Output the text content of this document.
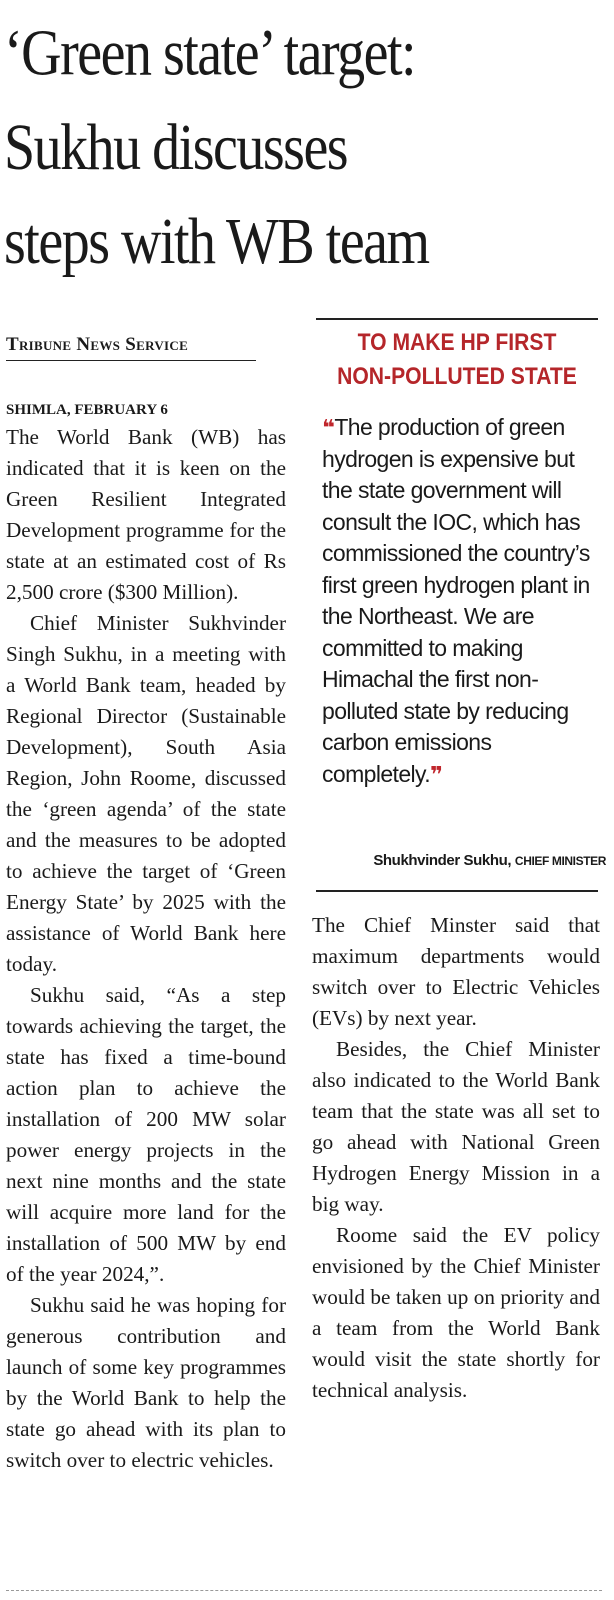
‘Green state’ target:
Sukhu discusses
steps with WB team

Tribune News Service

SHIMLA, FEBRUARY 6

The World Bank (WB) has indicated that it is keen on the Green Resilient Integrated Development programme for the state at an estimated cost of Rs 2,500 crore ($300 Million).

Chief Minister Sukhvinder Singh Sukhu, in a meeting with a World Bank team, headed by Regional Director (Sustainable Development), South Asia Region, John Roome, discussed the ‘green agenda’ of the state and the measures to be adopted to achieve the target of ‘Green Energy State’ by 2025 with the assistance of World Bank here today.

Sukhu said, “As a step towards achieving the target, the state has fixed a time-bound action plan to achieve the installation of 200 MW solar power energy projects in the next nine months and the state will acquire more land for the installation of 500 MW by end of the year 2024,”.

Sukhu said he was hoping for generous contribution and launch of some key programmes by the World Bank to help the state go ahead with its plan to switch over to electric vehicles.

TO MAKE HP FIRST
NON-POLLUTED STATE

❝The production of green hydrogen is expensive but the state government will consult the IOC, which has commissioned the country’s first green hydrogen plant in the Northeast. We are committed to making Himachal the first non-polluted state by reducing carbon emissions completely.❞

Shukhvinder Sukhu, CHIEF MINISTER

The Chief Minster said that maximum departments would switch over to Electric Vehicles (EVs) by next year.

Besides, the Chief Minister also indicated to the World Bank team that the state was all set to go ahead with National Green Hydrogen Energy Mission in a big way.

Roome said the EV policy envisioned by the Chief Minister would be taken up on priority and a team from the World Bank would visit the state shortly for technical analysis.
